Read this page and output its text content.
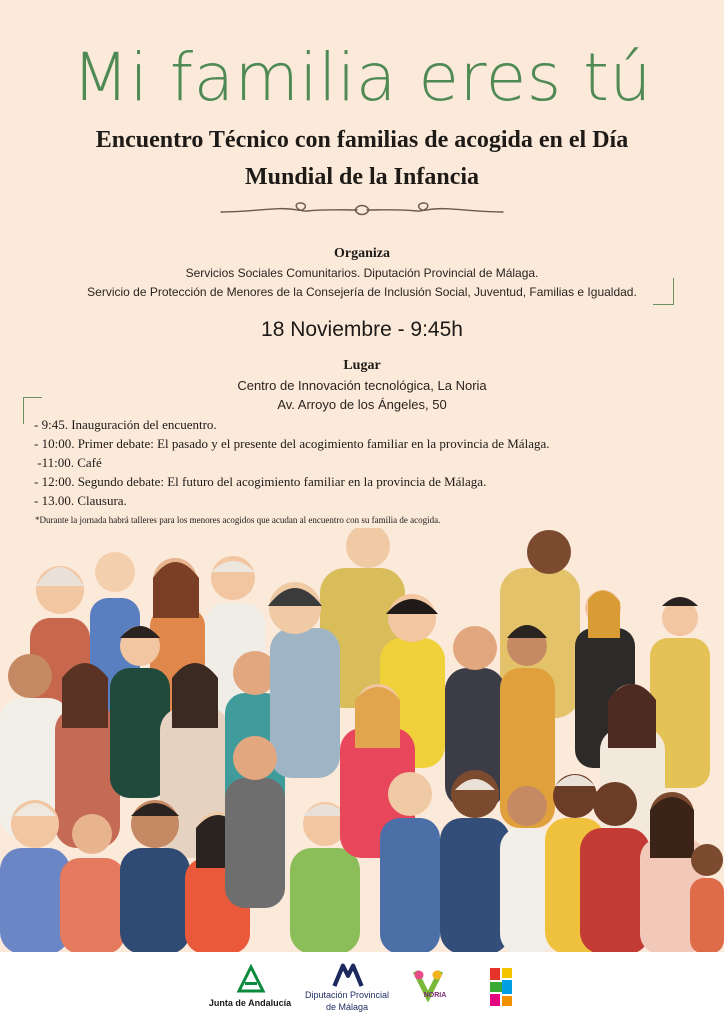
Mi familia eres tú
Encuentro Técnico con familias de acogida en el Día
Mundial de la Infancia
Organiza
Servicios Sociales Comunitarios. Diputación Provincial de Málaga.
Servicio de Protección de Menores de la Consejería de Inclusión Social, Juventud, Familias e Igualdad.
18 Noviembre - 9:45h
Lugar
Centro de Innovación tecnológica, La Noria
Av. Arroyo de los Ángeles, 50
- 9:45. Inauguración del encuentro.
- 10:00. Primer debate: El pasado y el presente del acogimiento familiar en la provincia de Málaga.
-11:00. Café
- 12:00. Segundo debate: El futuro del acogimiento familiar en la provincia de Málaga.
- 13.00. Clausura.
*Durante la jornada habrá talleres para los menores acogidos que acudan al encuentro con su familia de acogida.
Junta de Andalucía
Diputación Provincial
de Málaga
NORIA
